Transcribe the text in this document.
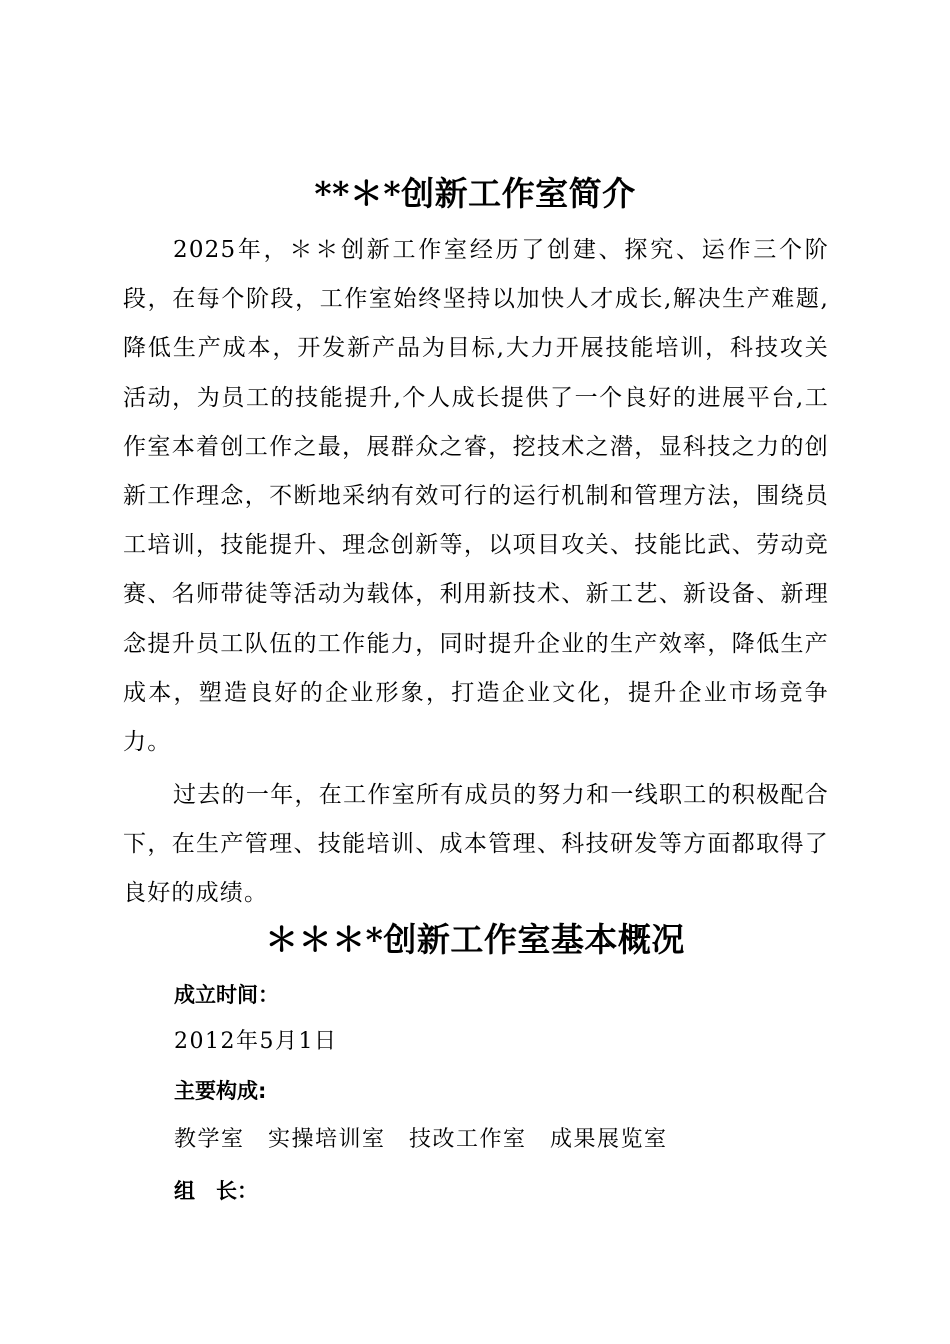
**＊*创新工作室简介

2025年，＊＊创新工作室经历了创建、探究、运作三个阶段，在每个阶段，工作室始终坚持以加快人才成长,解决生产难题,降低生产成本，开发新产品为目标,大力开展技能培训，科技攻关活动，为员工的技能提升,个人成长提供了一个良好的进展平台,工作室本着创工作之最，展群众之睿，挖技术之潜，显科技之力的创新工作理念，不断地采纳有效可行的运行机制和管理方法，围绕员工培训，技能提升、理念创新等，以项目攻关、技能比武、劳动竞赛、名师带徒等活动为载体，利用新技术、新工艺、新设备、新理念提升员工队伍的工作能力，同时提升企业的生产效率，降低生产成本，塑造良好的企业形象，打造企业文化，提升企业市场竞争力。

过去的一年，在工作室所有成员的努力和一线职工的积极配合下，在生产管理、技能培训、成本管理、科技研发等方面都取得了良好的成绩。

＊＊＊*创新工作室基本概况
成立时间：
2012年5月1日
主要构成:
教学室　实操培训室　技改工作室　成果展览室
组　长：
